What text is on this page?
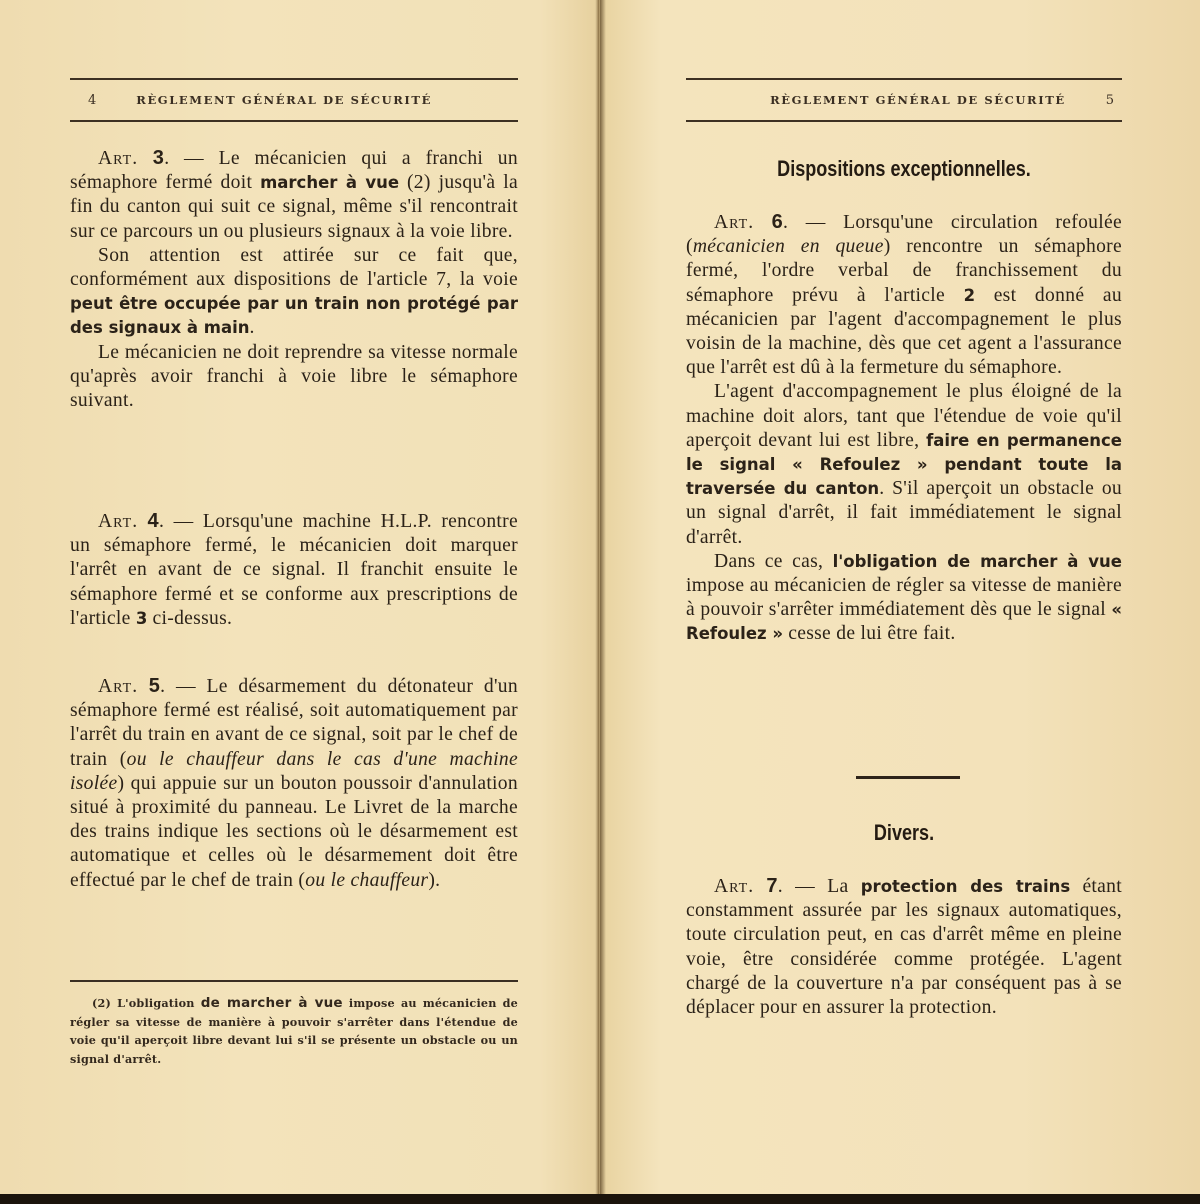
4	RÈGLEMENT GÉNÉRAL DE SÉCURITÉ

Art. 3. — Le mécanicien qui a franchi un sémaphore fermé doit marcher à vue (2) jusqu'à la fin du canton qui suit ce signal, même s'il rencontrait sur ce parcours un ou plusieurs signaux à la voie libre.

Son attention est attirée sur ce fait que, conformément aux dispositions de l'article 7, la voie peut être occupée par un train non protégé par des signaux à main.

Le mécanicien ne doit reprendre sa vitesse normale qu'après avoir franchi à voie libre le sémaphore suivant.

Art. 4. — Lorsqu'une machine H.L.P. rencontre un sémaphore fermé, le mécanicien doit marquer l'arrêt en avant de ce signal. Il franchit ensuite le sémaphore fermé et se conforme aux prescriptions de l'article 3 ci-dessus.

Art. 5. — Le désarmement du détonateur d'un sémaphore fermé est réalisé, soit automatiquement par l'arrêt du train en avant de ce signal, soit par le chef de train (ou le chauffeur dans le cas d'une machine isolée) qui appuie sur un bouton poussoir d'annulation situé à proximité du panneau. Le Livret de la marche des trains indique les sections où le désarmement est automatique et celles où le désarmement doit être effectué par le chef de train (ou le chauffeur).

(2) L'obligation de marcher à vue impose au mécanicien de régler sa vitesse de manière à pouvoir s'arrêter dans l'étendue de voie qu'il aperçoit libre devant lui s'il se présente un obstacle ou un signal d'arrêt.

RÈGLEMENT GÉNÉRAL DE SÉCURITÉ	5
Dispositions exceptionnelles.

Art. 6. — Lorsqu'une circulation refoulée (mécanicien en queue) rencontre un sémaphore fermé, l'ordre verbal de franchissement du sémaphore prévu à l'article 2 est donné au mécanicien par l'agent d'accompagnement le plus voisin de la machine, dès que cet agent a l'assurance que l'arrêt est dû à la fermeture du sémaphore.

L'agent d'accompagnement le plus éloigné de la machine doit alors, tant que l'étendue de voie qu'il aperçoit devant lui est libre, faire en permanence le signal « Refoulez » pendant toute la traversée du canton. S'il aperçoit un obstacle ou un signal d'arrêt, il fait immédiatement le signal d'arrêt.

Dans ce cas, l'obligation de marcher à vue impose au mécanicien de régler sa vitesse de manière à pouvoir s'arrêter immédiatement dès que le signal « Refoulez » cesse de lui être fait.

Divers.

Art. 7. — La protection des trains étant constamment assurée par les signaux automatiques, toute circulation peut, en cas d'arrêt même en pleine voie, être considérée comme protégée. L'agent chargé de la couverture n'a par conséquent pas à se déplacer pour en assurer la protection.
